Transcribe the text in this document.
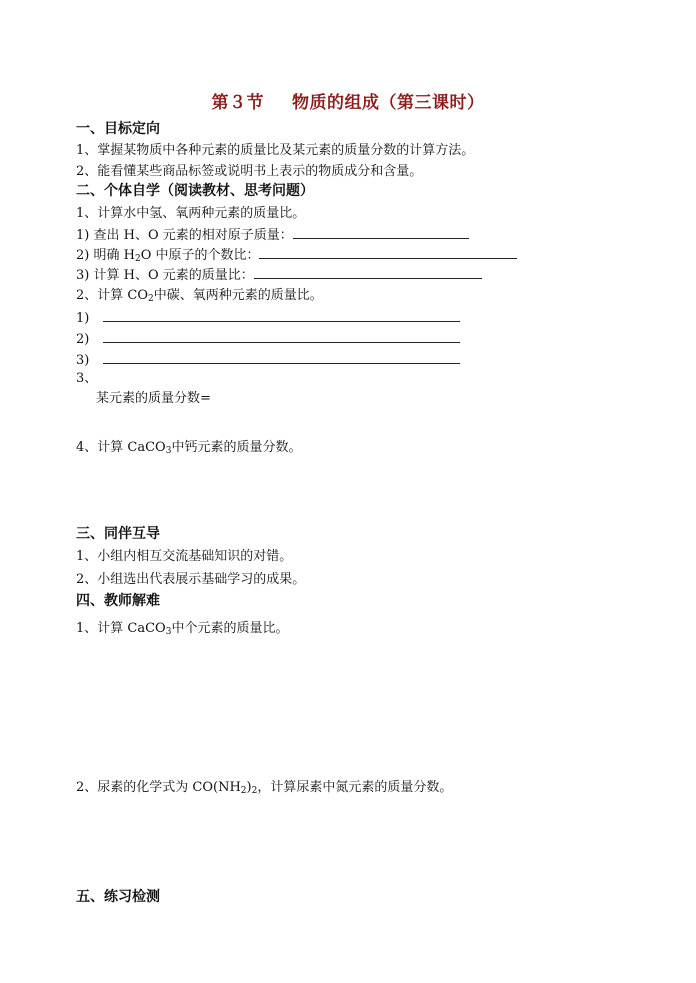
第３节 物质的组成（第三课时）
一、目标定向
1、掌握某物质中各种元素的质量比及某元素的质量分数的计算方法。
2、能看懂某些商品标签或说明书上表示的物质成分和含量。
二、个体自学（阅读教材、思考问题）
1、计算水中氢、氧两种元素的质量比。
1) 查出 H、O 元素的相对原子质量：
2) 明确 $H_2O$ 中原子的个数比：
3) 计算 H、O 元素的质量比：
2、计算 $CO_2$中碳、氧两种元素的质量比。
1)
2)
3)
3、
某元素的质量分数=
4、计算 CaCO$_3$中钙元素的质量分数。
三、同伴互导
1、小组内相互交流基础知识的对错。
2、小组选出代表展示基础学习的成果。
四、教师解难
1、计算 CaCO$_3$中个元素的质量比。
2、尿素的化学式为 $CO(NH_2)_2$，计算尿素中氮元素的质量分数。
五、练习检测
